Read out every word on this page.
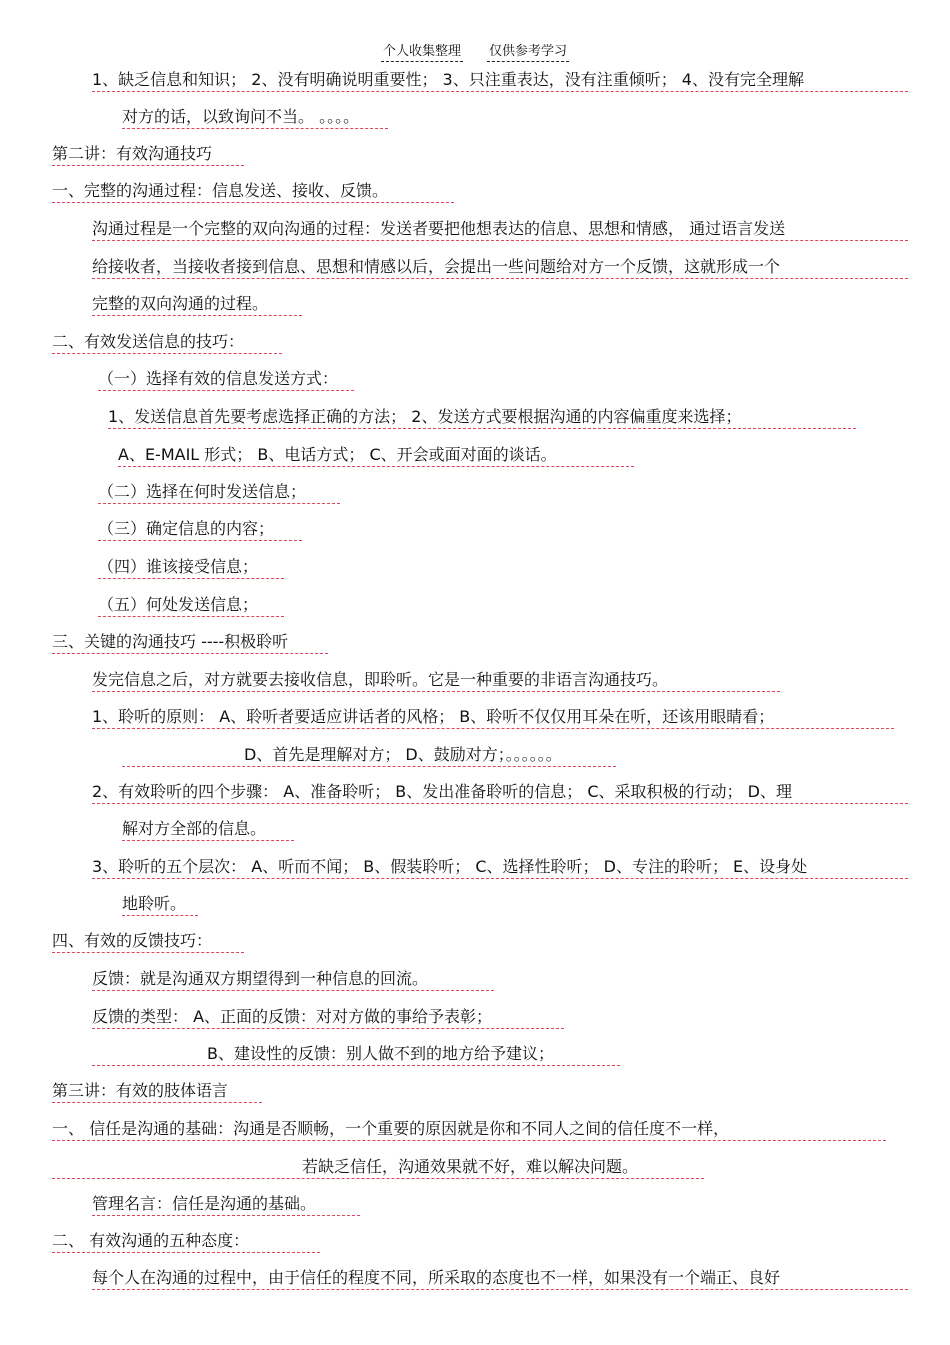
个人收集整理 仅供参考学习
1、缺乏信息和知识； 2、没有明确说明重要性； 3、只注重表达，没有注重倾听； 4、没有完全理解
对方的话，以致询问不当。 。。。。
第二讲：有效沟通技巧
一、完整的沟通过程：信息发送、接收、反馈。
沟通过程是一个完整的双向沟通的过程：发送者要把他想表达的信息、思想和情感， 通过语言发送
给接收者，当接收者接到信息、思想和情感以后，会提出一些问题给对方一个反馈，这就形成一个
完整的双向沟通的过程。
二、有效发送信息的技巧：
（一）选择有效的信息发送方式：
1、发送信息首先要考虑选择正确的方法； 2、发送方式要根据沟通的内容偏重度来选择；
A、E-MAIL 形式； B、电话方式； C、开会或面对面的谈话。
（二）选择在何时发送信息；
（三）确定信息的内容；
（四）谁该接受信息；
（五）何处发送信息；
三、关键的沟通技巧 ----积极聆听
发完信息之后，对方就要去接收信息，即聆听。它是一种重要的非语言沟通技巧。
1、聆听的原则： A、聆听者要适应讲话者的风格； B、聆听不仅仅用耳朵在听，还该用眼睛看；
D、首先是理解对方； D、鼓励对方；。。。。。。
2、有效聆听的四个步骤： A、准备聆听； B、发出准备聆听的信息； C、采取积极的行动； D、理
解对方全部的信息。
3、聆听的五个层次： A、听而不闻； B、假装聆听； C、选择性聆听； D、专注的聆听； E、设身处
地聆听。
四、有效的反馈技巧：
反馈：就是沟通双方期望得到一种信息的回流。
反馈的类型： A、正面的反馈：对对方做的事给予表彰；
B、建设性的反馈：别人做不到的地方给予建议；
第三讲：有效的肢体语言
一、 信任是沟通的基础：沟通是否顺畅，一个重要的原因就是你和不同人之间的信任度不一样，
若缺乏信任，沟通效果就不好，难以解决问题。
管理名言：信任是沟通的基础。
二、 有效沟通的五种态度：
每个人在沟通的过程中，由于信任的程度不同，所采取的态度也不一样，如果没有一个端正、良好
